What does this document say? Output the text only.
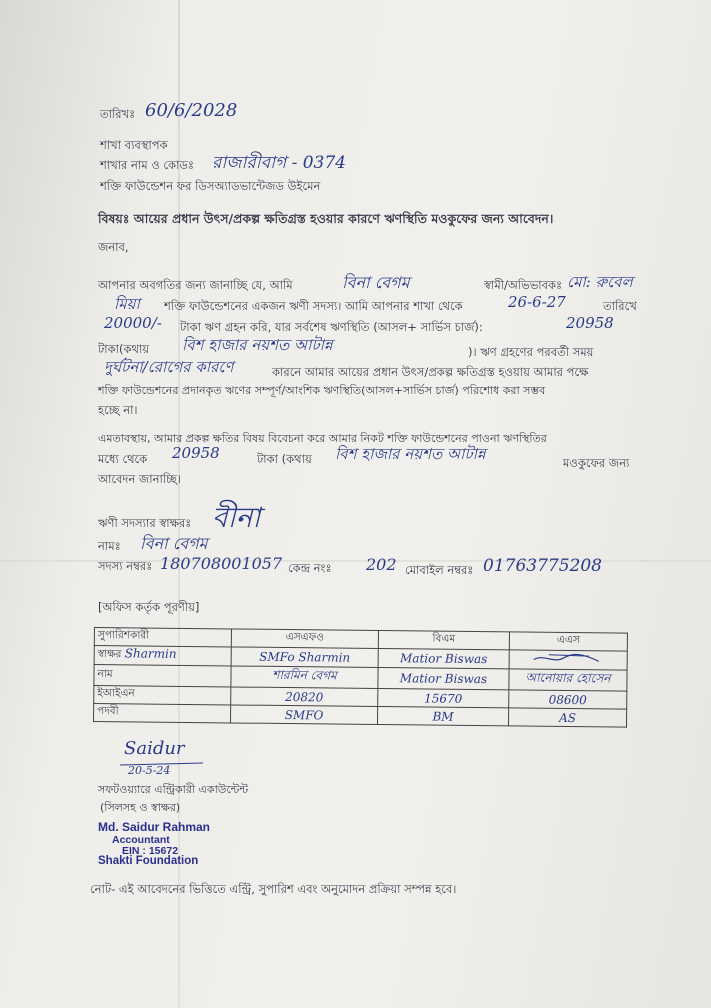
তারিখঃ 60/6/2028
শাখা ব্যবস্থাপক
শাখার নাম ও কোডঃ রাজারীবাগ - 0374
শক্তি ফাউন্ডেশন ফর ডিসঅ্যাডভান্টেজড উইমেন
বিষয়ঃ আয়ের প্রধান উৎস/প্রকল্প ক্ষতিগ্রস্ত হওয়ার কারণে ঋণস্থিতি মওকুফের জন্য আবেদন।
জনাব,
আপনার অবগতির জন্য জানাচ্ছি যে, আমি	বিনা বেগম	স্বামী/অভিভাবকঃ মো: রুবেল
মিয়া শক্তি ফাউন্ডেশনের একজন ঋণী সদস্য। আমি আপনার শাখা থেকে	26-6-27	তারিখে
20000/- টাকা ঋণ গ্রহন করি, যার সর্বশেষ ঋণস্থিতি (আসল+ সার্ভিস চার্জ):	20958
টাকা(কথায় বিশ হাজার নয়শত আটান্ন	)। ঋণ গ্রহণের পরবর্তী সময়
দুর্ঘটনা/রোগের কারণে	কারনে আমার আয়ের প্রধান উৎস/প্রকল্প ক্ষতিগ্রস্ত হওয়ায় আমার পক্ষে
শক্তি ফাউন্ডেশনের প্রদানকৃত ঋণের সম্পূর্ণ/আংশিক ঋণস্থিতি(আসল+সার্ভিস চার্জ) পরিশোধ করা সম্ভব
হচ্ছে না।
এমতাবস্থায়, আমার প্রকল্প ক্ষতির বিষয় বিবেচনা করে আমার নিকট শক্তি ফাউন্ডেশনের পাওনা ঋণস্থিতির
মধ্যে থেকে 20958	টাকা (কথায় বিশ হাজার নয়শত আটান্ন	মওকুফের জন্য
আবেদন জানাচ্ছি।
ঋণী সদস্যার স্বাক্ষরঃ বীনা
নামঃ বিনা বেগম
সদস্য নম্বরঃ 180708001057 কেন্দ্র নংঃ 202 মোবাইল নম্বরঃ 01763775208
[অফিস কর্তৃক পূরণীয়]
সুপারিশকারী	এসএফও	বিএম	এএস
স্বাক্ষর Sharmin	SMFo Sharmin	Matior Biswas	
নাম	শারমিন বেগম	Matior Biswas	আনোয়ার হোসেন
ইআইএন	20820	15670	08600
পদবী	SMFO	BM	AS
Saidur
20-5-24
সফটওয়্যারে এন্ট্রিকারী একাউন্টেন্ট
(সিলসহ ও স্বাক্ষর)
Md. Saidur Rahman
Accountant
EIN : 15672
Shakti Foundation
নোট- এই আবেদনের ভিত্তিতে এন্ট্রি, সুপারিশ এবং অনুমোদন প্রক্রিয়া সম্পন্ন হবে।
